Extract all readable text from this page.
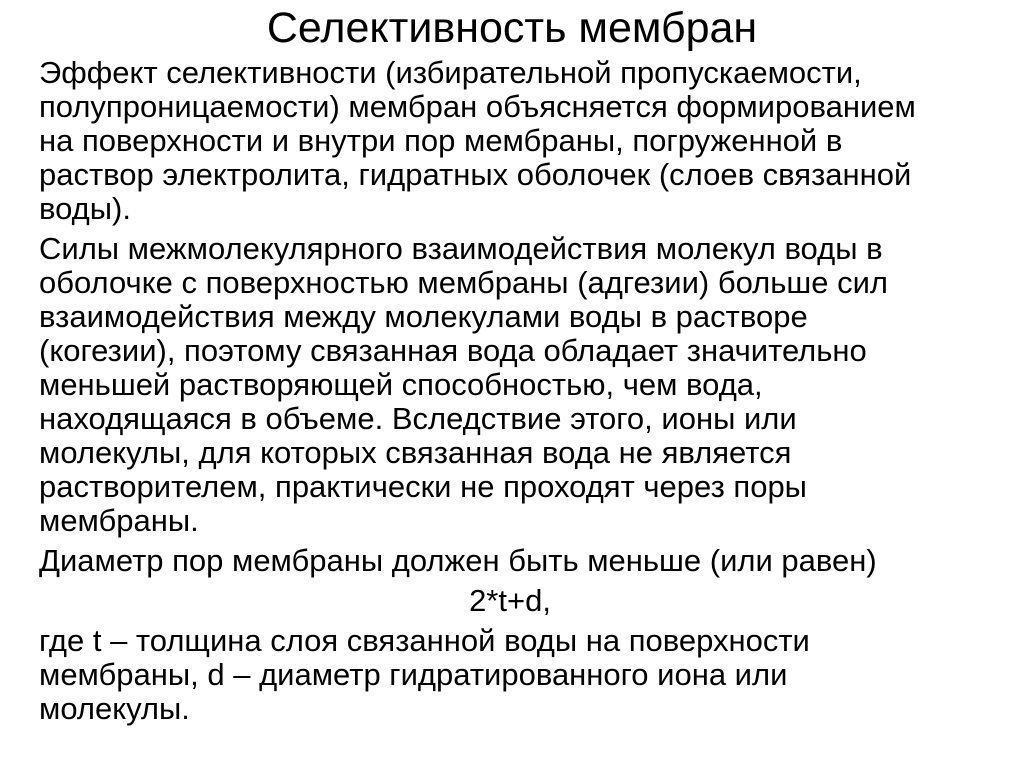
Селективность мембран

Эффект селективности (избирательной пропускаемости,
полупроницаемости) мембран объясняется формированием
на поверхности и внутри пор мембраны, погруженной в
раствор электролита, гидратных оболочек (слоев связанной
воды).

Силы межмолекулярного взаимодействия молекул воды в
оболочке с поверхностью мембраны (адгезии) больше сил
взаимодействия между молекулами воды в растворе
(когезии), поэтому связанная вода обладает значительно
меньшей растворяющей способностью, чем вода,
находящаяся в объеме. Вследствие этого, ионы или
молекулы, для которых связанная вода не является
растворителем, практически не проходят через поры
мембраны.

Диаметр пор мембраны должен быть меньше (или равен)

2*t+d,

где t – толщина слоя связанной воды на поверхности
мембраны, d – диаметр гидратированного иона или
молекулы.
